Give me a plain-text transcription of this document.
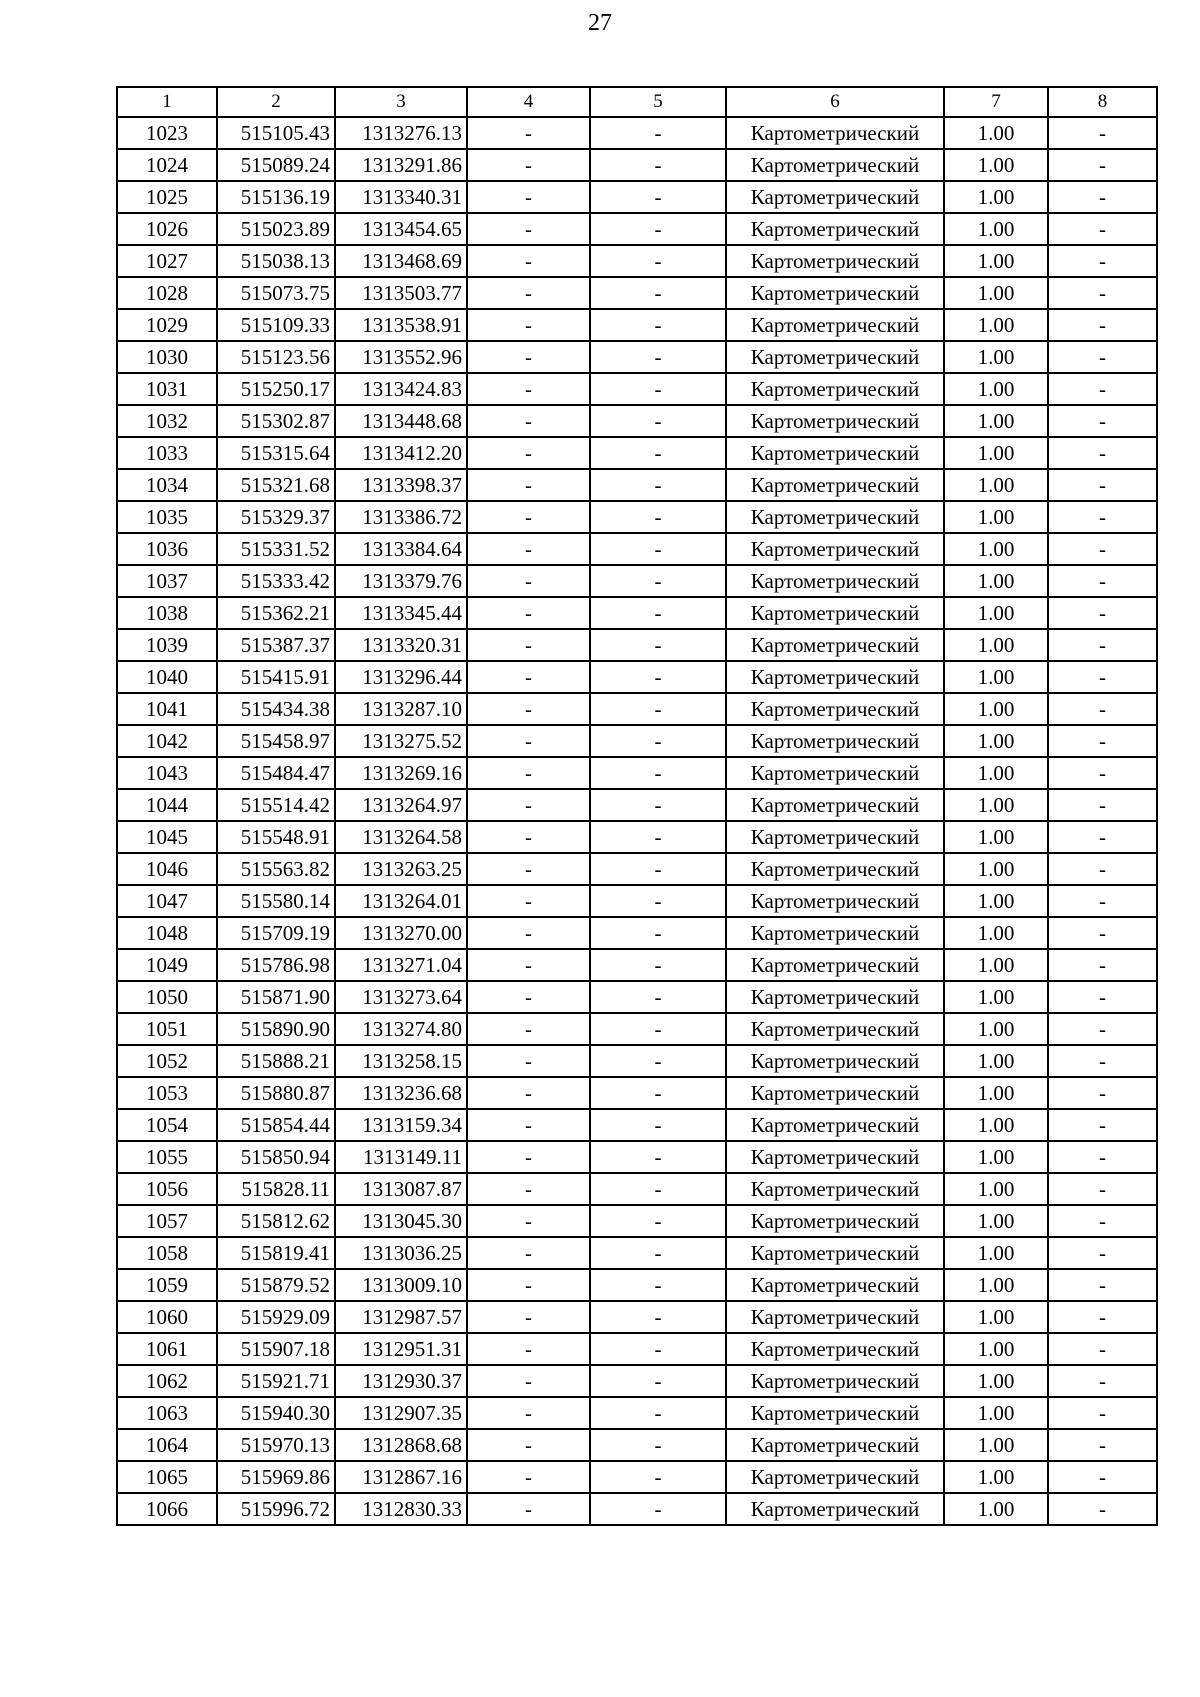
27
1	2	3	4	5	6	7	8
1023	515105.43	1313276.13	-	-	Картометрический	1.00	-
1024	515089.24	1313291.86	-	-	Картометрический	1.00	-
1025	515136.19	1313340.31	-	-	Картометрический	1.00	-
1026	515023.89	1313454.65	-	-	Картометрический	1.00	-
1027	515038.13	1313468.69	-	-	Картометрический	1.00	-
1028	515073.75	1313503.77	-	-	Картометрический	1.00	-
1029	515109.33	1313538.91	-	-	Картометрический	1.00	-
1030	515123.56	1313552.96	-	-	Картометрический	1.00	-
1031	515250.17	1313424.83	-	-	Картометрический	1.00	-
1032	515302.87	1313448.68	-	-	Картометрический	1.00	-
1033	515315.64	1313412.20	-	-	Картометрический	1.00	-
1034	515321.68	1313398.37	-	-	Картометрический	1.00	-
1035	515329.37	1313386.72	-	-	Картометрический	1.00	-
1036	515331.52	1313384.64	-	-	Картометрический	1.00	-
1037	515333.42	1313379.76	-	-	Картометрический	1.00	-
1038	515362.21	1313345.44	-	-	Картометрический	1.00	-
1039	515387.37	1313320.31	-	-	Картометрический	1.00	-
1040	515415.91	1313296.44	-	-	Картометрический	1.00	-
1041	515434.38	1313287.10	-	-	Картометрический	1.00	-
1042	515458.97	1313275.52	-	-	Картометрический	1.00	-
1043	515484.47	1313269.16	-	-	Картометрический	1.00	-
1044	515514.42	1313264.97	-	-	Картометрический	1.00	-
1045	515548.91	1313264.58	-	-	Картометрический	1.00	-
1046	515563.82	1313263.25	-	-	Картометрический	1.00	-
1047	515580.14	1313264.01	-	-	Картометрический	1.00	-
1048	515709.19	1313270.00	-	-	Картометрический	1.00	-
1049	515786.98	1313271.04	-	-	Картометрический	1.00	-
1050	515871.90	1313273.64	-	-	Картометрический	1.00	-
1051	515890.90	1313274.80	-	-	Картометрический	1.00	-
1052	515888.21	1313258.15	-	-	Картометрический	1.00	-
1053	515880.87	1313236.68	-	-	Картометрический	1.00	-
1054	515854.44	1313159.34	-	-	Картометрический	1.00	-
1055	515850.94	1313149.11	-	-	Картометрический	1.00	-
1056	515828.11	1313087.87	-	-	Картометрический	1.00	-
1057	515812.62	1313045.30	-	-	Картометрический	1.00	-
1058	515819.41	1313036.25	-	-	Картометрический	1.00	-
1059	515879.52	1313009.10	-	-	Картометрический	1.00	-
1060	515929.09	1312987.57	-	-	Картометрический	1.00	-
1061	515907.18	1312951.31	-	-	Картометрический	1.00	-
1062	515921.71	1312930.37	-	-	Картометрический	1.00	-
1063	515940.30	1312907.35	-	-	Картометрический	1.00	-
1064	515970.13	1312868.68	-	-	Картометрический	1.00	-
1065	515969.86	1312867.16	-	-	Картометрический	1.00	-
1066	515996.72	1312830.33	-	-	Картометрический	1.00	-
